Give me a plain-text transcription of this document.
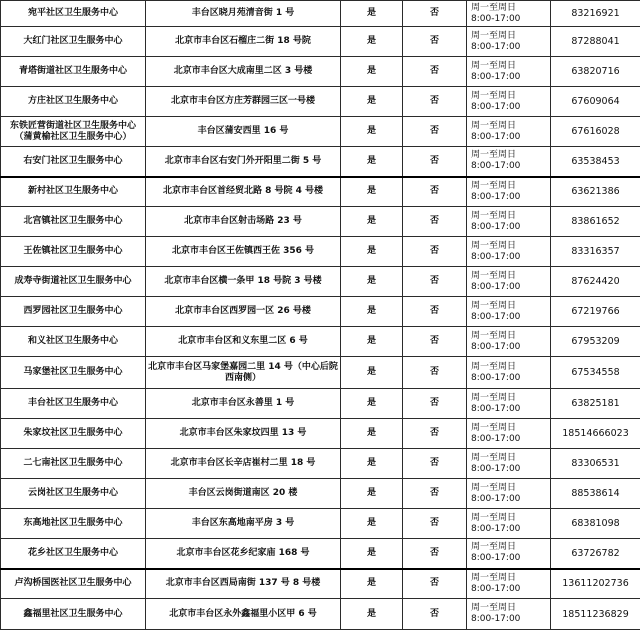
宛平社区卫生服务中心	丰台区晓月苑清音街 1 号	是	否	周一至周日
8:00-17:00	83216921
大红门社区卫生服务中心	北京市丰台区石榴庄二街 18 号院	是	否	周一至周日
8:00-17:00	87288041
青塔街道社区卫生服务中心	北京市丰台区大成南里二区 3 号楼	是	否	周一至周日
8:00-17:00	63820716
方庄社区卫生服务中心	北京市丰台区方庄芳群园三区一号楼	是	否	周一至周日
8:00-17:00	67609064
东铁匠营街道社区卫生服务中心（蒲黄榆社区卫生服务中心）	丰台区蒲安西里 16 号	是	否	周一至周日
8:00-17:00	67616028
右安门社区卫生服务中心	北京市丰台区右安门外开阳里二街 5 号	是	否	周一至周日
8:00-17:00	63538453
新村社区卫生服务中心	北京市丰台区首经贸北路 8 号院 4 号楼	是	否	周一至周日
8:00-17:00	63621386
北宫镇社区卫生服务中心	北京市丰台区射击场路 23 号	是	否	周一至周日
8:00-17:00	83861652
王佐镇社区卫生服务中心	北京市丰台区王佐镇西王佐 356 号	是	否	周一至周日
8:00-17:00	83316357
成寿寺街道社区卫生服务中心	北京市丰台区横一条甲 18 号院 3 号楼	是	否	周一至周日
8:00-17:00	87624420
西罗园社区卫生服务中心	北京市丰台区西罗园一区 26 号楼	是	否	周一至周日
8:00-17:00	67219766
和义社区卫生服务中心	北京市丰台区和义东里二区 6 号	是	否	周一至周日
8:00-17:00	67953209
马家堡社区卫生服务中心	北京市丰台区马家堡嘉园二里 14 号（中心后院西南侧）	是	否	周一至周日
8:00-17:00	67534558
丰台社区卫生服务中心	北京市丰台区永善里 1 号	是	否	周一至周日
8:00-17:00	63825181
朱家坟社区卫生服务中心	北京市丰台区朱家坟四里 13 号	是	否	周一至周日
8:00-17:00	18514666023
二七南社区卫生服务中心	北京市丰台区长辛店崔村二里 18 号	是	否	周一至周日
8:00-17:00	83306531
云岗社区卫生服务中心	丰台区云岗街道南区 20 楼	是	否	周一至周日
8:00-17:00	88538614
东高地社区卫生服务中心	丰台区东高地南平房 3 号	是	否	周一至周日
8:00-17:00	68381098
花乡社区卫生服务中心	北京市丰台区花乡纪家庙 168 号	是	否	周一至周日
8:00-17:00	63726782
卢沟桥国医社区卫生服务中心	北京市丰台区西局南街 137 号 8 号楼	是	否	周一至周日
8:00-17:00	13611202736
鑫福里社区卫生服务中心	北京市丰台区永外鑫福里小区甲 6 号	是	否	周一至周日
8:00-17:00	18511236829
